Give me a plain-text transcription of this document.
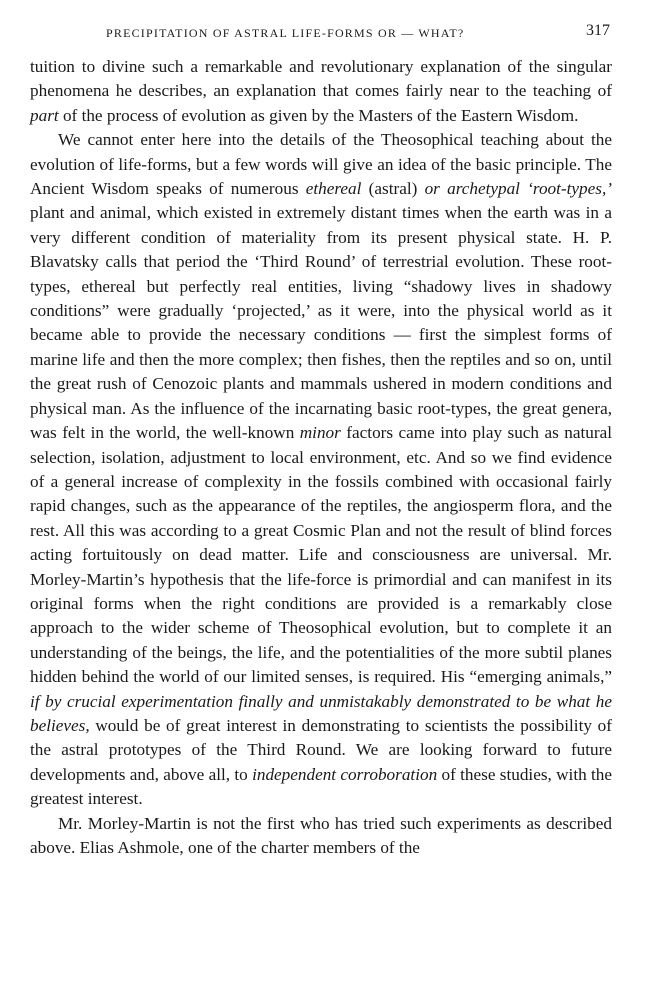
PRECIPITATION OF ASTRAL LIFE-FORMS OR — WHAT?	317

tuition to divine such a remarkable and revolutionary explanation of the singular phenomena he describes, an explanation that comes fairly near to the teaching of part of the process of evolution as given by the Masters of the Eastern Wisdom.

We cannot enter here into the details of the Theosophical teaching about the evolution of life-forms, but a few words will give an idea of the basic principle. The Ancient Wisdom speaks of numerous ethereal (astral) or archetypal ‘root-types,’ plant and animal, which existed in extremely distant times when the earth was in a very different condition of materiality from its present physical state. H. P. Blavatsky calls that period the ‘Third Round’ of terrestrial evolution. These root-types, ethereal but perfectly real entities, living “shadowy lives in shadowy conditions” were gradually ‘projected,’ as it were, into the physical world as it became able to provide the necessary conditions — first the simplest forms of marine life and then the more complex; then fishes, then the reptiles and so on, until the great rush of Cenozoic plants and mammals ushered in modern conditions and physical man. As the influence of the incarnating basic root-types, the great genera, was felt in the world, the well-known minor factors came into play such as natural selection, isolation, adjustment to local environment, etc. And so we find evidence of a general increase of complexity in the fossils combined with occasional fairly rapid changes, such as the appearance of the reptiles, the angiosperm flora, and the rest. All this was according to a great Cosmic Plan and not the result of blind forces acting fortuitously on dead matter. Life and consciousness are universal. Mr. Morley-Martin’s hypothesis that the life-force is primordial and can manifest in its original forms when the right conditions are provided is a remarkably close approach to the wider scheme of Theosophical evolution, but to complete it an understanding of the beings, the life, and the potentialities of the more subtil planes hidden behind the world of our limited senses, is required. His “emerging animals,” if by crucial experimentation finally and unmistakably demonstrated to be what he believes, would be of great interest in demonstrating to scientists the possibility of the astral prototypes of the Third Round. We are looking forward to future developments and, above all, to independent corroboration of these studies, with the greatest interest.

Mr. Morley-Martin is not the first who has tried such experiments as described above. Elias Ashmole, one of the charter members of the
